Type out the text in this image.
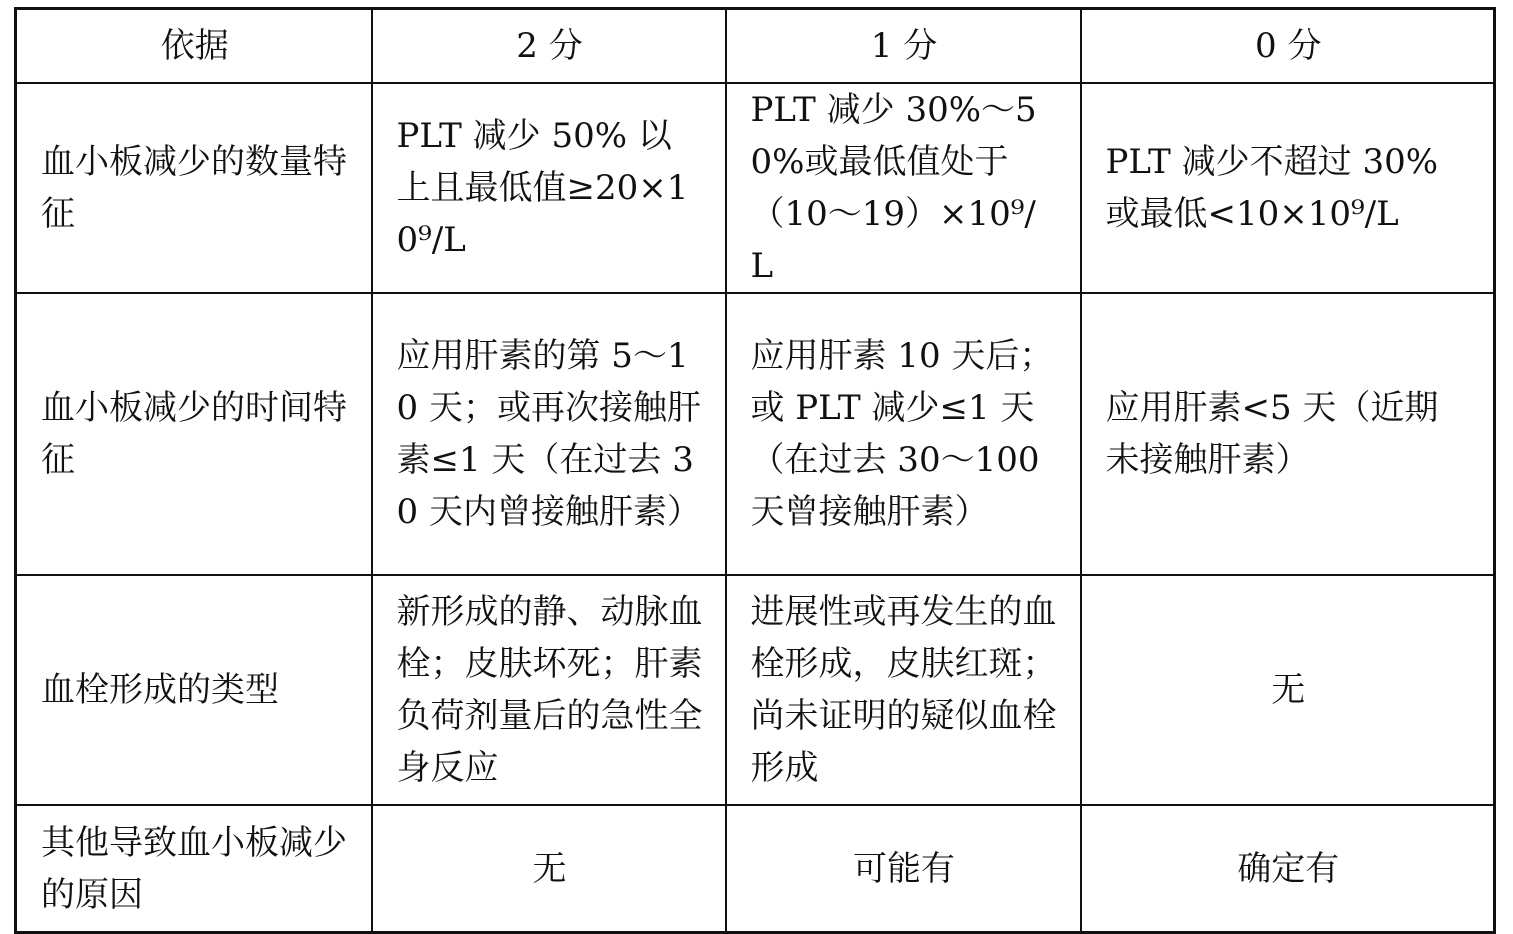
依据	2 分	1 分	0 分
血小板减少的数量特征	PLT 减少 50% 以上且最低值≥20×10⁹/L	PLT 减少 30%～50%或最低值处于（10～19）×10⁹/L	PLT 减少不超过 30%或最低<10×10⁹/L
血小板减少的时间特征	应用肝素的第 5～10 天；或再次接触肝素≤1 天（在过去 30 天内曾接触肝素）	应用肝素 10 天后；或 PLT 减少≤1 天（在过去 30～100 天曾接触肝素）	应用肝素<5 天（近期未接触肝素）
血栓形成的类型	新形成的静、动脉血栓；皮肤坏死；肝素负荷剂量后的急性全身反应	进展性或再发生的血栓形成，皮肤红斑；尚未证明的疑似血栓形成	无
其他导致血小板减少的原因	无	可能有	确定有
